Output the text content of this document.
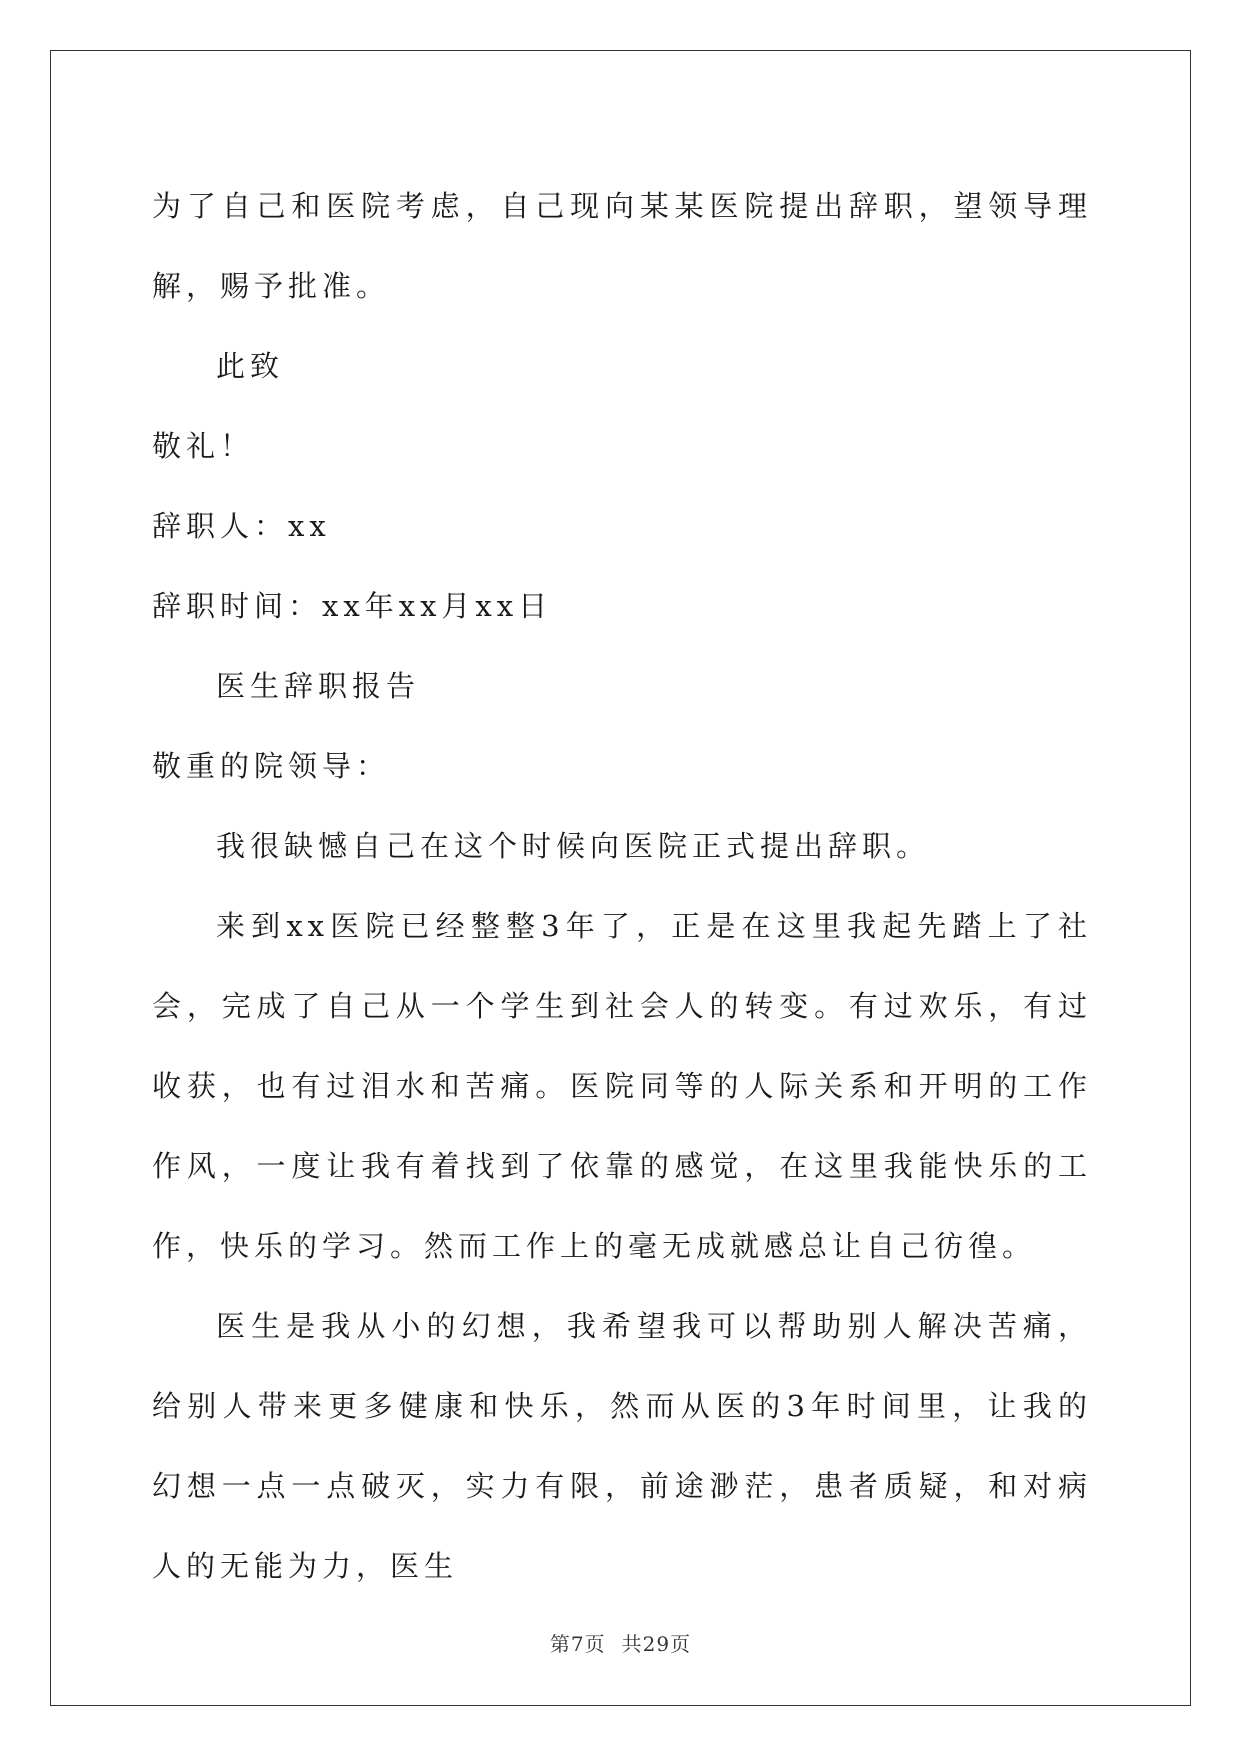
为了自己和医院考虑，自己现向某某医院提出辞职，望领导理解，赐予批准。

此致

敬礼！

辞职人：xx

辞职时间：xx年xx月xx日

医生辞职报告

敬重的院领导：

我很缺憾自己在这个时候向医院正式提出辞职。

来到xx医院已经整整3年了，正是在这里我起先踏上了社会，完成了自己从一个学生到社会人的转变。有过欢乐，有过收获，也有过泪水和苦痛。医院同等的人际关系和开明的工作作风，一度让我有着找到了依靠的感觉，在这里我能快乐的工作，快乐的学习。然而工作上的毫无成就感总让自己彷徨。

医生是我从小的幻想，我希望我可以帮助别人解决苦痛，给别人带来更多健康和快乐，然而从医的3年时间里，让我的幻想一点一点破灭，实力有限，前途渺茫，患者质疑，和对病人的无能为力，医生

第7页 共29页
